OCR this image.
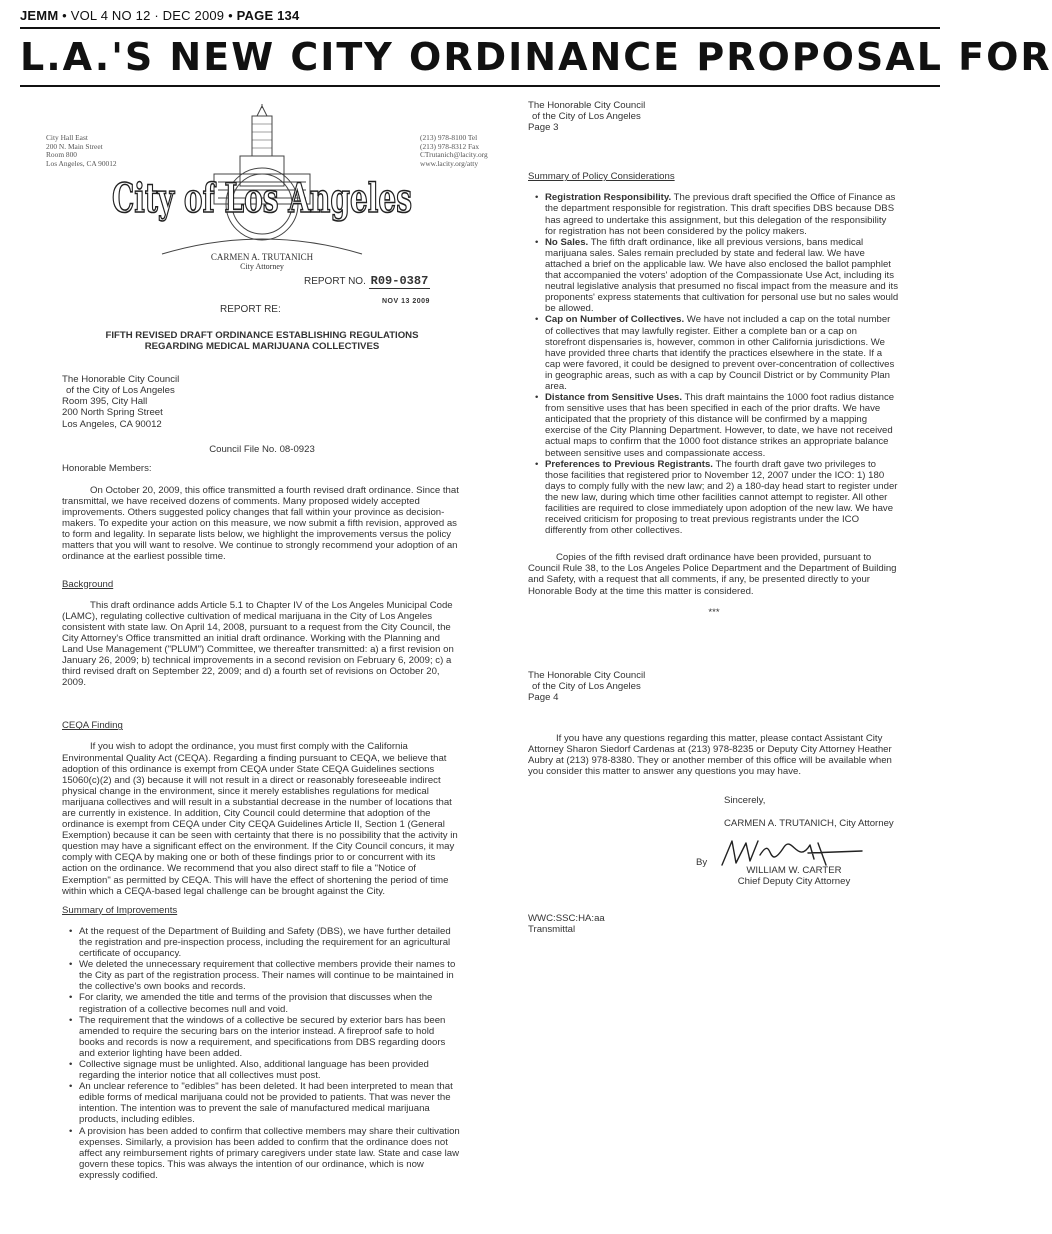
JEMM • VOL 4 NO 12 · DEC 2009 • PAGE 134
L.A.'S NEW CITY ORDINANCE PROPOSAL FOR
City Hall East
200 N. Main Street
Room 800
Los Angeles, CA 90012
City of Los Angeles
(213) 978-8100 Tel
(213) 978-8312 Fax
CTrutanich@lacity.org
www.lacity.org/atty
CARMEN A. TRUTANICH
City Attorney
REPORT NO. R09-0387
NOV 13 2009
REPORT RE:
FIFTH REVISED DRAFT ORDINANCE ESTABLISHING REGULATIONS
REGARDING MEDICAL MARIJUANA COLLECTIVES
The Honorable City Council
of the City of Los Angeles
Room 395, City Hall
200 North Spring Street
Los Angeles, CA 90012
Council File No. 08-0923
Honorable Members:

On October 20, 2009, this office transmitted a fourth revised draft ordinance. Since that transmittal, we have received dozens of comments. Many proposed widely accepted improvements. Others suggested policy changes that fall within your province as decision-makers. To expedite your action on this measure, we now submit a fifth revision, approved as to form and legality. In separate lists below, we highlight the improvements versus the policy matters that you will want to resolve. We continue to strongly recommend your adoption of an ordinance at the earliest possible time.

Background

This draft ordinance adds Article 5.1 to Chapter IV of the Los Angeles Municipal Code (LAMC), regulating collective cultivation of medical marijuana in the City of Los Angeles consistent with state law. On April 14, 2008, pursuant to a request from the City Council, the City Attorney's Office transmitted an initial draft ordinance. Working with the Planning and Land Use Management ("PLUM") Committee, we thereafter transmitted: a) a first revision on January 26, 2009; b) technical improvements in a second revision on February 6, 2009; c) a third revised draft on September 22, 2009; and d) a fourth set of revisions on October 20, 2009.

CEQA Finding

If you wish to adopt the ordinance, you must first comply with the California Environmental Quality Act (CEQA). Regarding a finding pursuant to CEQA, we believe that adoption of this ordinance is exempt from CEQA under State CEQA Guidelines sections 15060(c)(2) and (3) because it will not result in a direct or reasonably foreseeable indirect physical change in the environment, since it merely establishes regulations for medical marijuana collectives and will result in a substantial decrease in the number of locations that are currently in existence. In addition, City Council could determine that adoption of the ordinance is exempt from CEQA under City CEQA Guidelines Article II, Section 1 (General Exemption) because it can be seen with certainty that there is no possibility that the activity in question may have a significant effect on the environment. If the City Council concurs, it may comply with CEQA by making one or both of these findings prior to or concurrent with its action on the ordinance. We recommend that you also direct staff to file a "Notice of Exemption" as permitted by CEQA. This will have the effect of shortening the period of time within which a CEQA-based legal challenge can be brought against the City.

Summary of Improvements
• At the request of the Department of Building and Safety (DBS), we have further detailed the registration and pre-inspection process, including the requirement for an agricultural certificate of occupancy.
• We deleted the unnecessary requirement that collective members provide their names to the City as part of the registration process. Their names will continue to be maintained in the collective's own books and records.
• For clarity, we amended the title and terms of the provision that discusses when the registration of a collective becomes null and void.
• The requirement that the windows of a collective be secured by exterior bars has been amended to require the securing bars on the interior instead. A fireproof safe to hold books and records is now a requirement, and specifications from DBS regarding doors and exterior lighting have been added.
• Collective signage must be unlighted. Also, additional language has been provided regarding the interior notice that all collectives must post.
• An unclear reference to "edibles" has been deleted. It had been interpreted to mean that edible forms of medical marijuana could not be provided to patients. That was never the intention. The intention was to prevent the sale of manufactured medical marijuana products, including edibles.
• A provision has been added to confirm that collective members may share their cultivation expenses. Similarly, a provision has been added to confirm that the ordinance does not affect any reimbursement rights of primary caregivers under state law. State and case law govern these topics. This was always the intention of our ordinance, which is now expressly codified.
The Honorable City Council
of the City of Los Angeles
Page 3
Summary of Policy Considerations
• Registration Responsibility. The previous draft specified the Office of Finance as the department responsible for registration. This draft specifies DBS because DBS has agreed to undertake this assignment, but this delegation of the responsibility for registration has not been considered by the policy makers.
• No Sales. The fifth draft ordinance, like all previous versions, bans medical marijuana sales. Sales remain precluded by state and federal law. We have attached a brief on the applicable law. We have also enclosed the ballot pamphlet that accompanied the voters' adoption of the Compassionate Use Act, including its neutral legislative analysis that presumed no fiscal impact from the measure and its proponents' express statements that cultivation for personal use but no sales would be allowed.
• Cap on Number of Collectives. We have not included a cap on the total number of collectives that may lawfully register. Either a complete ban or a cap on storefront dispensaries is, however, common in other California jurisdictions. We have provided three charts that identify the practices elsewhere in the state. If a cap were favored, it could be designed to prevent over-concentration of collectives in geographic areas, such as with a cap by Council District or by Community Plan area.
• Distance from Sensitive Uses. This draft maintains the 1000 foot radius distance from sensitive uses that has been specified in each of the prior drafts. We have anticipated that the propriety of this distance will be confirmed by a mapping exercise of the City Planning Department. However, to date, we have not received actual maps to confirm that the 1000 foot distance strikes an appropriate balance between sensitive uses and compassionate access.
• Preferences to Previous Registrants. The fourth draft gave two privileges to those facilities that registered prior to November 12, 2007 under the ICO: 1) 180 days to comply fully with the new law; and 2) a 180-day head start to register under the new law, during which time other facilities cannot attempt to register. All other facilities are required to close immediately upon adoption of the new law. We have received criticism for proposing to treat previous registrants under the ICO differently from other collectives.

Copies of the fifth revised draft ordinance have been provided, pursuant to Council Rule 38, to the Los Angeles Police Department and the Department of Building and Safety, with a request that all comments, if any, be presented directly to your Honorable Body at the time this matter is considered.

***
The Honorable City Council
of the City of Los Angeles
Page 4

If you have any questions regarding this matter, please contact Assistant City Attorney Sharon Siedorf Cardenas at (213) 978-8235 or Deputy City Attorney Heather Aubry at (213) 978-8380. They or another member of this office will be available when you consider this matter to answer any questions you may have.

Sincerely,
CARMEN A. TRUTANICH, City Attorney
By
WILLIAM W. CARTER
Chief Deputy City Attorney
WWC:SSC:HA:aa
Transmittal
